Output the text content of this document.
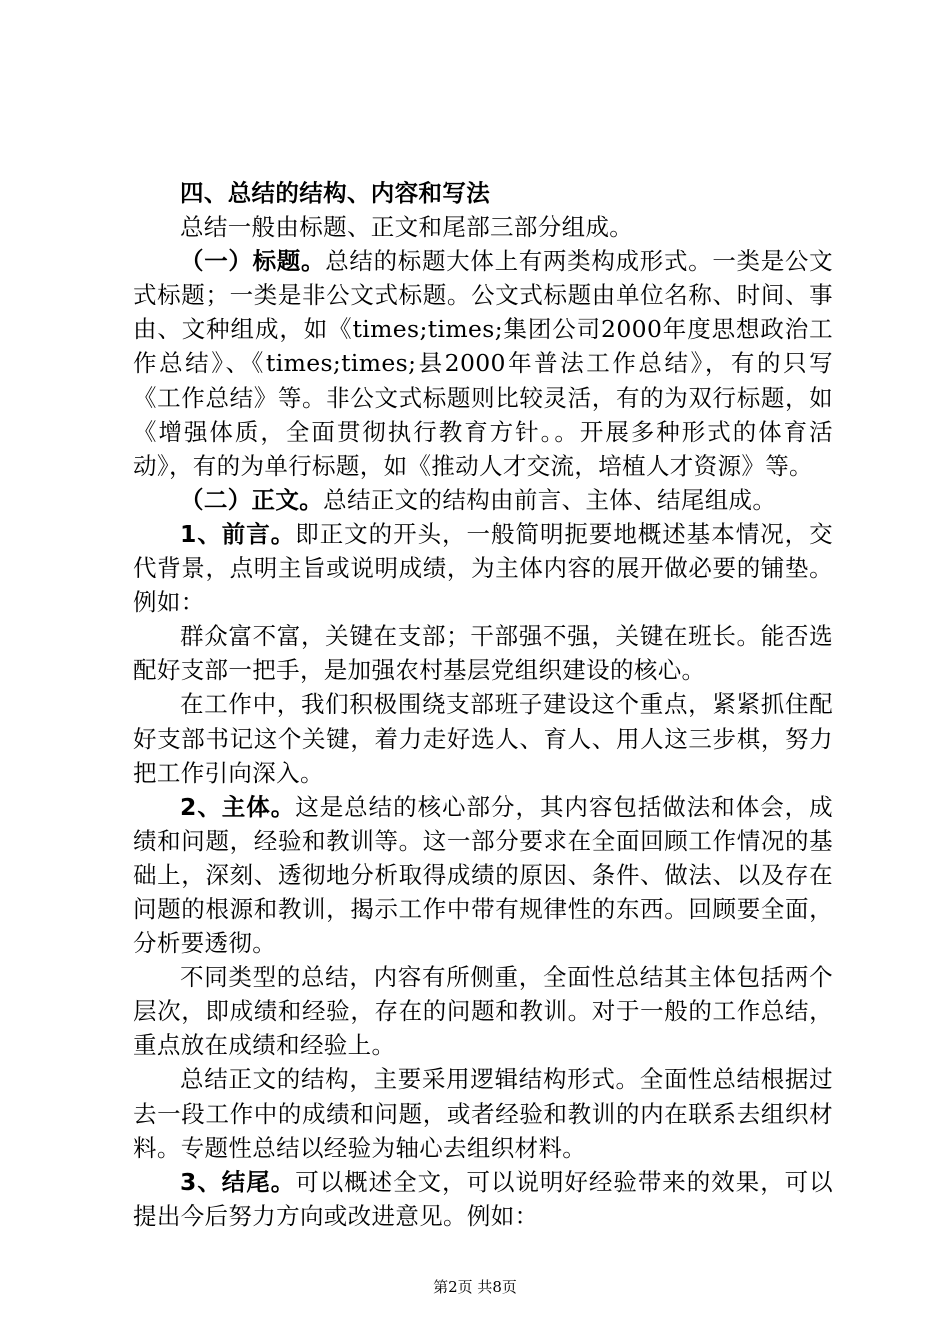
四、总结的结构、内容和写法

总结一般由标题、正文和尾部三部分组成。

（一）标题。总结的标题大体上有两类构成形式。一类是公文式标题；一类是非公文式标题。公文式标题由单位名称、时间、事由、文种组成，如《times;times;集团公司2000年度思想政治工作总结》、《times;times;县2000年普法工作总结》，有的只写《工作总结》等。非公文式标题则比较灵活，有的为双行标题，如《增强体质，全面贯彻执行教育方针。。开展多种形式的体育活动》，有的为单行标题，如《推动人才交流，培植人才资源》等。

（二）正文。总结正文的结构由前言、主体、结尾组成。

1、前言。即正文的开头，一般简明扼要地概述基本情况，交代背景，点明主旨或说明成绩，为主体内容的展开做必要的铺垫。例如：

群众富不富，关键在支部；干部强不强，关键在班长。能否选配好支部一把手，是加强农村基层党组织建设的核心。

在工作中，我们积极围绕支部班子建设这个重点，紧紧抓住配好支部书记这个关键，着力走好选人、育人、用人这三步棋，努力把工作引向深入。

2、主体。这是总结的核心部分，其内容包括做法和体会，成绩和问题，经验和教训等。这一部分要求在全面回顾工作情况的基础上，深刻、透彻地分析取得成绩的原因、条件、做法、以及存在问题的根源和教训，揭示工作中带有规律性的东西。回顾要全面，分析要透彻。

不同类型的总结，内容有所侧重，全面性总结其主体包括两个层次，即成绩和经验，存在的问题和教训。对于一般的工作总结，重点放在成绩和经验上。

总结正文的结构，主要采用逻辑结构形式。全面性总结根据过去一段工作中的成绩和问题，或者经验和教训的内在联系去组织材料。专题性总结以经验为轴心去组织材料。

3、结尾。可以概述全文，可以说明好经验带来的效果，可以提出今后努力方向或改进意见。例如：

第2页 共8页
